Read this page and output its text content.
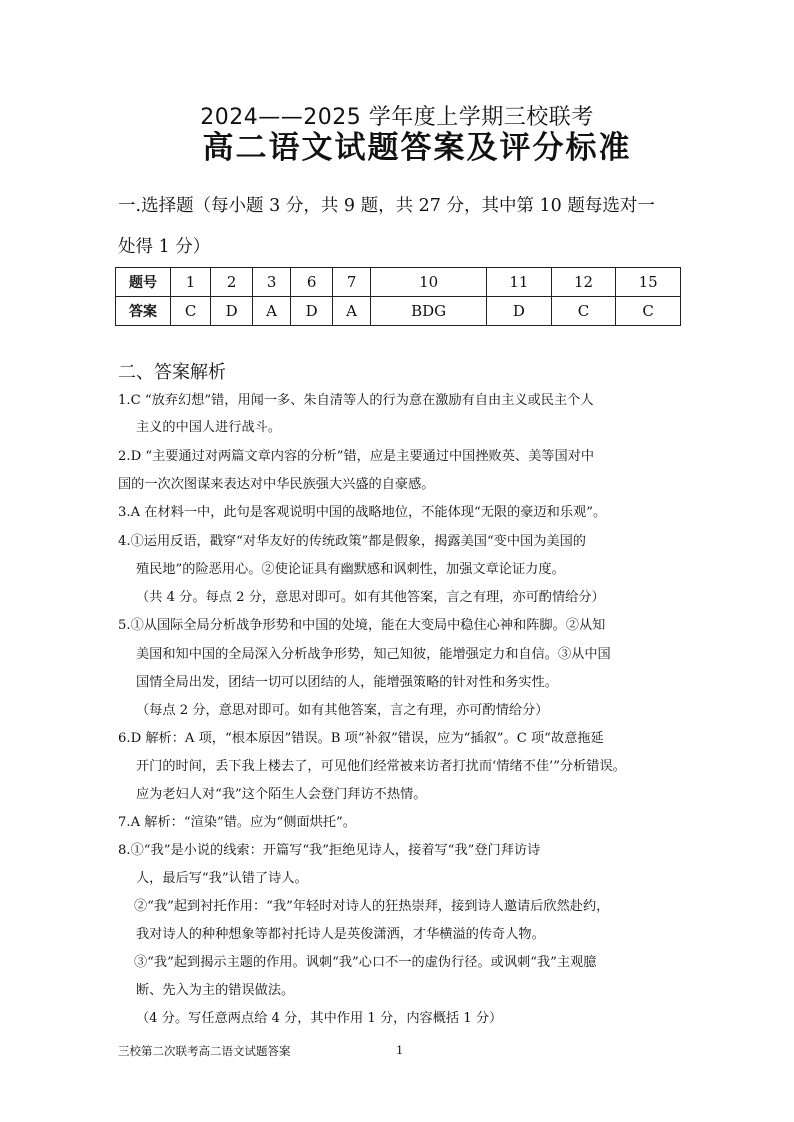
2024——2025 学年度上学期三校联考
高二语文试题答案及评分标准
一.选择题（每小题 3 分，共 9 题，共 27 分，其中第 10 题每选对一
处得 1 分）
题号	1	2	3	6	7	10	11	12	15
答案	C	D	A	D	A	BDG	D	C	C
二、答案解析
1.C “放弃幻想”错，用闻一多、朱自清等人的行为意在激励有自由主义或民主个人
主义的中国人进行战斗。
2.D “主要通过对两篇文章内容的分析”错，应是主要通过中国挫败英、美等国对中
国的一次次图谋来表达对中华民族强大兴盛的自豪感。
3.A 在材料一中，此句是客观说明中国的战略地位，不能体现“无限的豪迈和乐观”。
4.①运用反语，戳穿“对华友好的传统政策”都是假象，揭露美国“变中国为美国的
殖民地”的险恶用心。②使论证具有幽默感和讽刺性，加强文章论证力度。
（共 4 分。每点 2 分，意思对即可。如有其他答案，言之有理，亦可酌情给分）
5.①从国际全局分析战争形势和中国的处境，能在大变局中稳住心神和阵脚。②从知
美国和知中国的全局深入分析战争形势，知己知彼，能增强定力和自信。③从中国
国情全局出发，团结一切可以团结的人，能增强策略的针对性和务实性。
（每点 2 分，意思对即可。如有其他答案，言之有理，亦可酌情给分）
6.D 解析：A 项，“根本原因”错误。B 项“补叙”错误，应为“插叙”。C 项“故意拖延
开门的时间，丢下我上楼去了，可见他们经常被来访者打扰而‘情绪不佳’”分析错误。
应为老妇人对“我”这个陌生人会登门拜访不热情。
7.A 解析：“渲染”错。应为“侧面烘托”。
8.①“我”是小说的线索：开篇写“我”拒绝见诗人，接着写“我”登门拜访诗
人，最后写“我”认错了诗人。
②“我”起到衬托作用：“我”年轻时对诗人的狂热崇拜，接到诗人邀请后欣然赴约，
我对诗人的种种想象等都衬托诗人是英俊潇洒，才华横溢的传奇人物。
③“我”起到揭示主题的作用。讽刺“我”心口不一的虚伪行径。或讽刺“我”主观臆
断、先入为主的错误做法。
（4 分。写任意两点给 4 分，其中作用 1 分，内容概括 1 分）
三校第二次联考高二语文试题答案	1
